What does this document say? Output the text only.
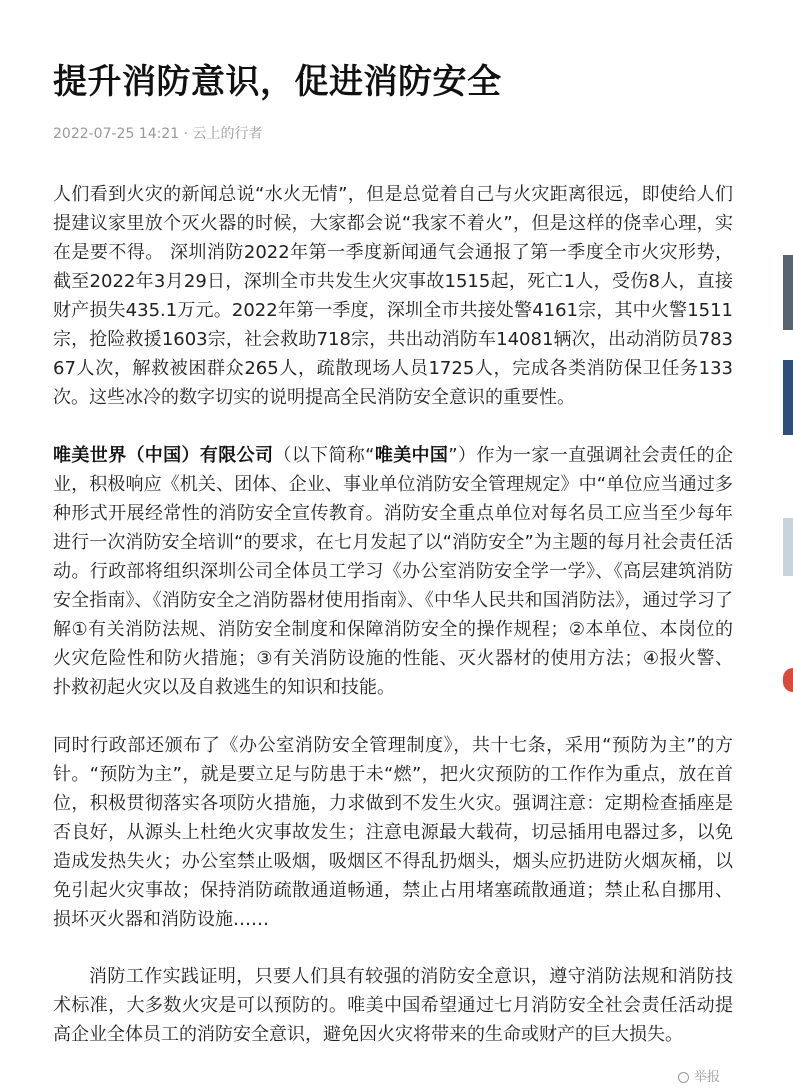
提升消防意识，促进消防安全
2022-07-25 14:21 · 云上的行者

人们看到火灾的新闻总说“水火无情”，但是总觉着自己与火灾距离很远，即使给人们提建议家里放个灭火器的时候，大家都会说“我家不着火”，但是这样的侥幸心理，实在是要不得。 深圳消防2022年第一季度新闻通气会通报了第一季度全市火灾形势，截至2022年3月29日，深圳全市共发生火灾事故1515起，死亡1人，受伤8人，直接财产损失435.1万元。2022年第一季度，深圳全市共接处警4161宗，其中火警1511宗，抢险救援1603宗，社会救助718宗，共出动消防车14081辆次，出动消防员78367人次，解救被困群众265人，疏散现场人员1725人，完成各类消防保卫任务133次。这些冰冷的数字切实的说明提高全民消防安全意识的重要性。

唯美世界（中国）有限公司（以下简称“唯美中国”）作为一家一直强调社会责任的企业，积极响应《机关、团体、企业、事业单位消防安全管理规定》中“单位应当通过多种形式开展经常性的消防安全宣传教育。消防安全重点单位对每名员工应当至少每年进行一次消防安全培训“的要求，在七月发起了以“消防安全”为主题的每月社会责任活动。行政部将组织深圳公司全体员工学习《办公室消防安全学一学》、《高层建筑消防安全指南》、《消防安全之消防器材使用指南》、《中华人民共和国消防法》，通过学习了解①有关消防法规、消防安全制度和保障消防安全的操作规程；②本单位、本岗位的火灾危险性和防火措施；③有关消防设施的性能、灭火器材的使用方法；④报火警、扑救初起火灾以及自救逃生的知识和技能。

同时行政部还颁布了《办公室消防安全管理制度》，共十七条，采用“预防为主”的方针。“预防为主”，就是要立足与防患于未“燃”，把火灾预防的工作作为重点，放在首位，积极贯彻落实各项防火措施，力求做到不发生火灾。强调注意：定期检查插座是否良好，从源头上杜绝火灾事故发生；注意电源最大载荷，切忌插用电器过多，以免造成发热失火；办公室禁止吸烟，吸烟区不得乱扔烟头，烟头应扔进防火烟灰桶，以免引起火灾事故；保持消防疏散通道畅通，禁止占用堵塞疏散通道；禁止私自挪用、损坏灭火器和消防设施……

消防工作实践证明，只要人们具有较强的消防安全意识，遵守消防法规和消防技术标准，大多数火灾是可以预防的。唯美中国希望通过七月消防安全社会责任活动提高企业全体员工的消防安全意识，避免因火灾将带来的生命或财产的巨大损失。

举报
